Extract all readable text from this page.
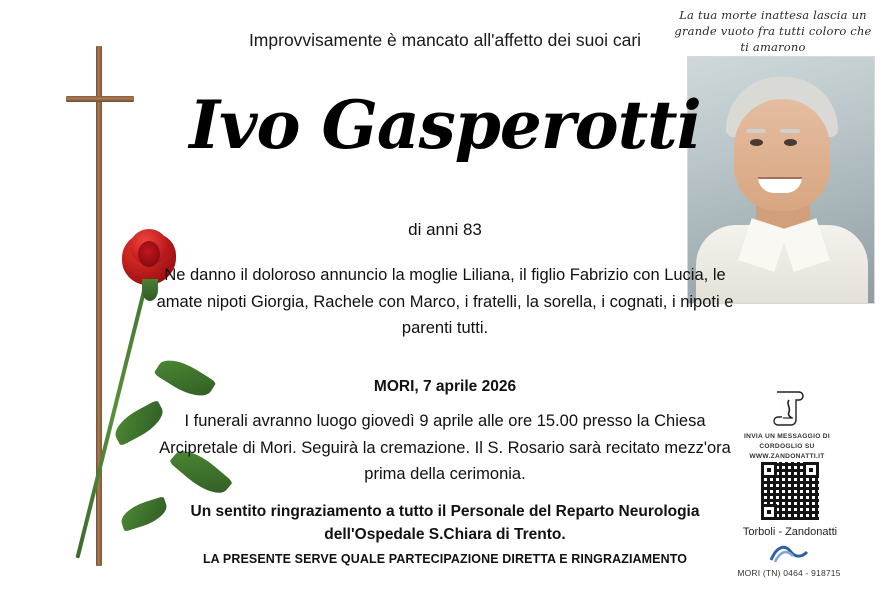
La tua morte inattesa lascia un grande vuoto fra tutti coloro che ti amarono
Improvvisamente è mancato all'affetto dei suoi cari
Ivo Gasperotti
di anni 83
Ne danno il doloroso annuncio la moglie Liliana, il figlio Fabrizio con Lucia, le amate nipoti Giorgia, Rachele con Marco, i fratelli, la sorella, i cognati, i nipoti e parenti tutti.
MORI, 7 aprile 2026
I funerali avranno luogo giovedì 9 aprile alle ore 15.00 presso la Chiesa Arcipretale di Mori. Seguirà la cremazione. Il S. Rosario sarà recitato mezz'ora prima della cerimonia.
Un sentito ringraziamento a tutto il Personale del Reparto Neurologia dell'Ospedale S.Chiara di Trento.
LA PRESENTE SERVE QUALE PARTECIPAZIONE DIRETTA E RINGRAZIAMENTO
INVIA UN MESSAGGIO DI CORDOGLIO SU WWW.ZANDONATTI.IT
Torboli - Zandonatti
MORI (TN) 0464 - 918715
